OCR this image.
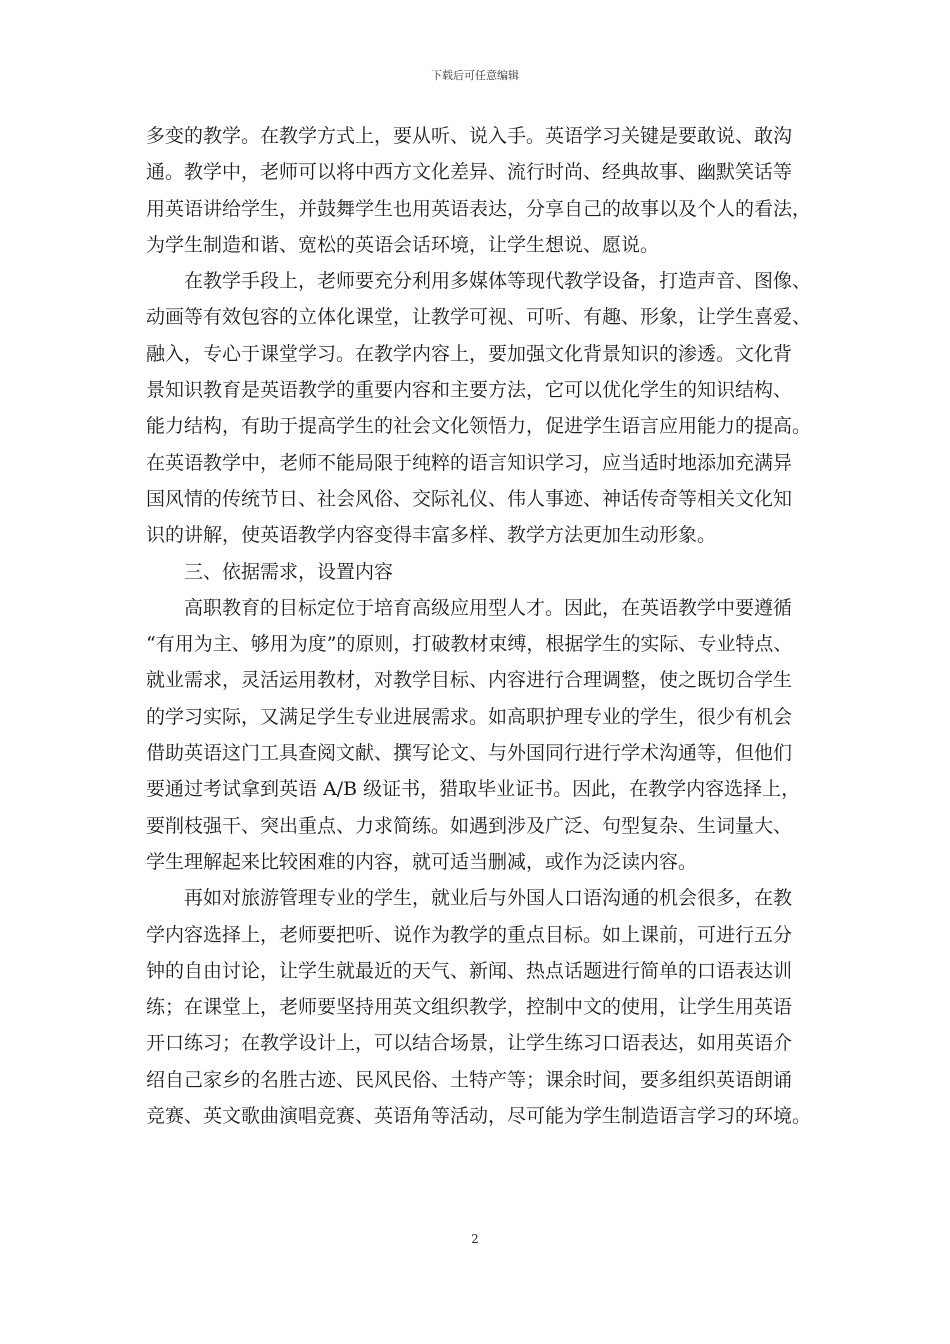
下载后可任意编辑
多变的教学。在教学方式上，要从听、说入手。英语学习关键是要敢说、敢沟
通。教学中，老师可以将中西方文化差异、流行时尚、经典故事、幽默笑话等
用英语讲给学生，并鼓舞学生也用英语表达，分享自己的故事以及个人的看法，
为学生制造和谐、宽松的英语会话环境，让学生想说、愿说。
在教学手段上，老师要充分利用多媒体等现代教学设备，打造声音、图像、
动画等有效包容的立体化课堂，让教学可视、可听、有趣、形象，让学生喜爱、
融入，专心于课堂学习。在教学内容上，要加强文化背景知识的渗透。文化背
景知识教育是英语教学的重要内容和主要方法，它可以优化学生的知识结构、
能力结构，有助于提高学生的社会文化领悟力，促进学生语言应用能力的提高。
在英语教学中，老师不能局限于纯粹的语言知识学习，应当适时地添加充满异
国风情的传统节日、社会风俗、交际礼仪、伟人事迹、神话传奇等相关文化知
识的讲解，使英语教学内容变得丰富多样、教学方法更加生动形象。
三、依据需求，设置内容
高职教育的目标定位于培育高级应用型人才。因此，在英语教学中要遵循
“有用为主、够用为度”的原则，打破教材束缚，根据学生的实际、专业特点、
就业需求，灵活运用教材，对教学目标、内容进行合理调整，使之既切合学生
的学习实际，又满足学生专业进展需求。如高职护理专业的学生，很少有机会
借助英语这门工具查阅文献、撰写论文、与外国同行进行学术沟通等，但他们
要通过考试拿到英语 A/B 级证书，猎取毕业证书。因此，在教学内容选择上，
要削枝强干、突出重点、力求简练。如遇到涉及广泛、句型复杂、生词量大、
学生理解起来比较困难的内容，就可适当删减，或作为泛读内容。
再如对旅游管理专业的学生，就业后与外国人口语沟通的机会很多，在教
学内容选择上，老师要把听、说作为教学的重点目标。如上课前，可进行五分
钟的自由讨论，让学生就最近的天气、新闻、热点话题进行简单的口语表达训
练；在课堂上，老师要坚持用英文组织教学，控制中文的使用，让学生用英语
开口练习；在教学设计上，可以结合场景，让学生练习口语表达，如用英语介
绍自己家乡的名胜古迹、民风民俗、土特产等；课余时间，要多组织英语朗诵
竞赛、英文歌曲演唱竞赛、英语角等活动，尽可能为学生制造语言学习的环境。
2
